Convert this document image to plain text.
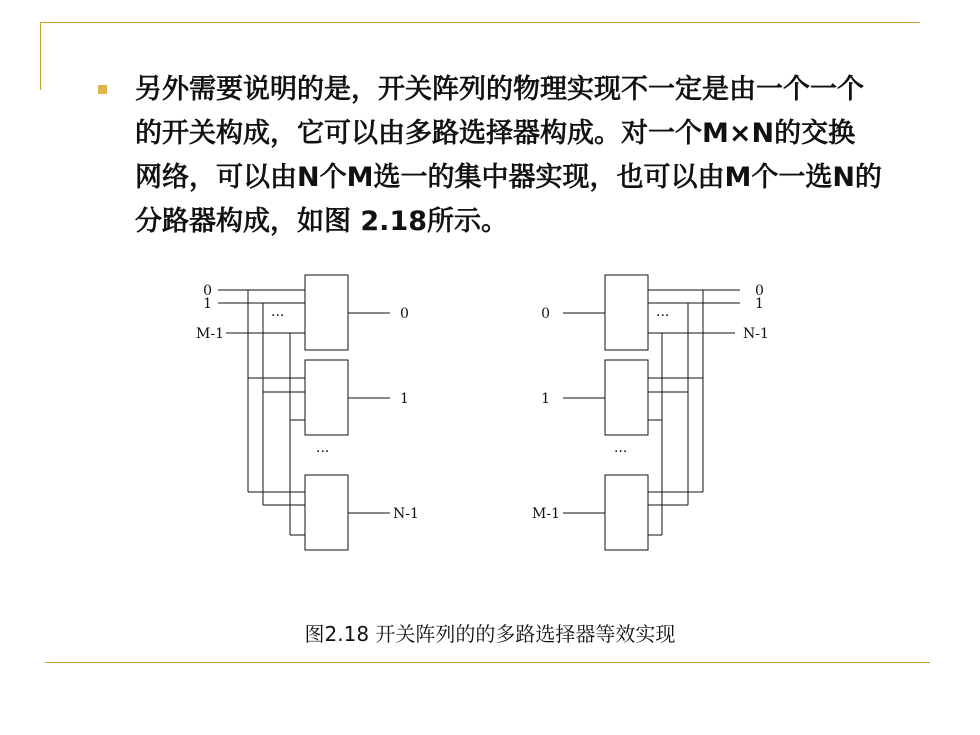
另外需要说明的是，开关阵列的物理实现不一定是由一个一个
的开关构成，它可以由多路选择器构成。对一个M×N的交换
网络，可以由N个M选一的集中器实现，也可以由M个一选N的
分路器构成，如图 2.18所示。

0
1
M-1
···
···
0
1
N-1
0
1
M-1
···
···
0
1
N-1
图2.18 开关阵列的的多路选择器等效实现
